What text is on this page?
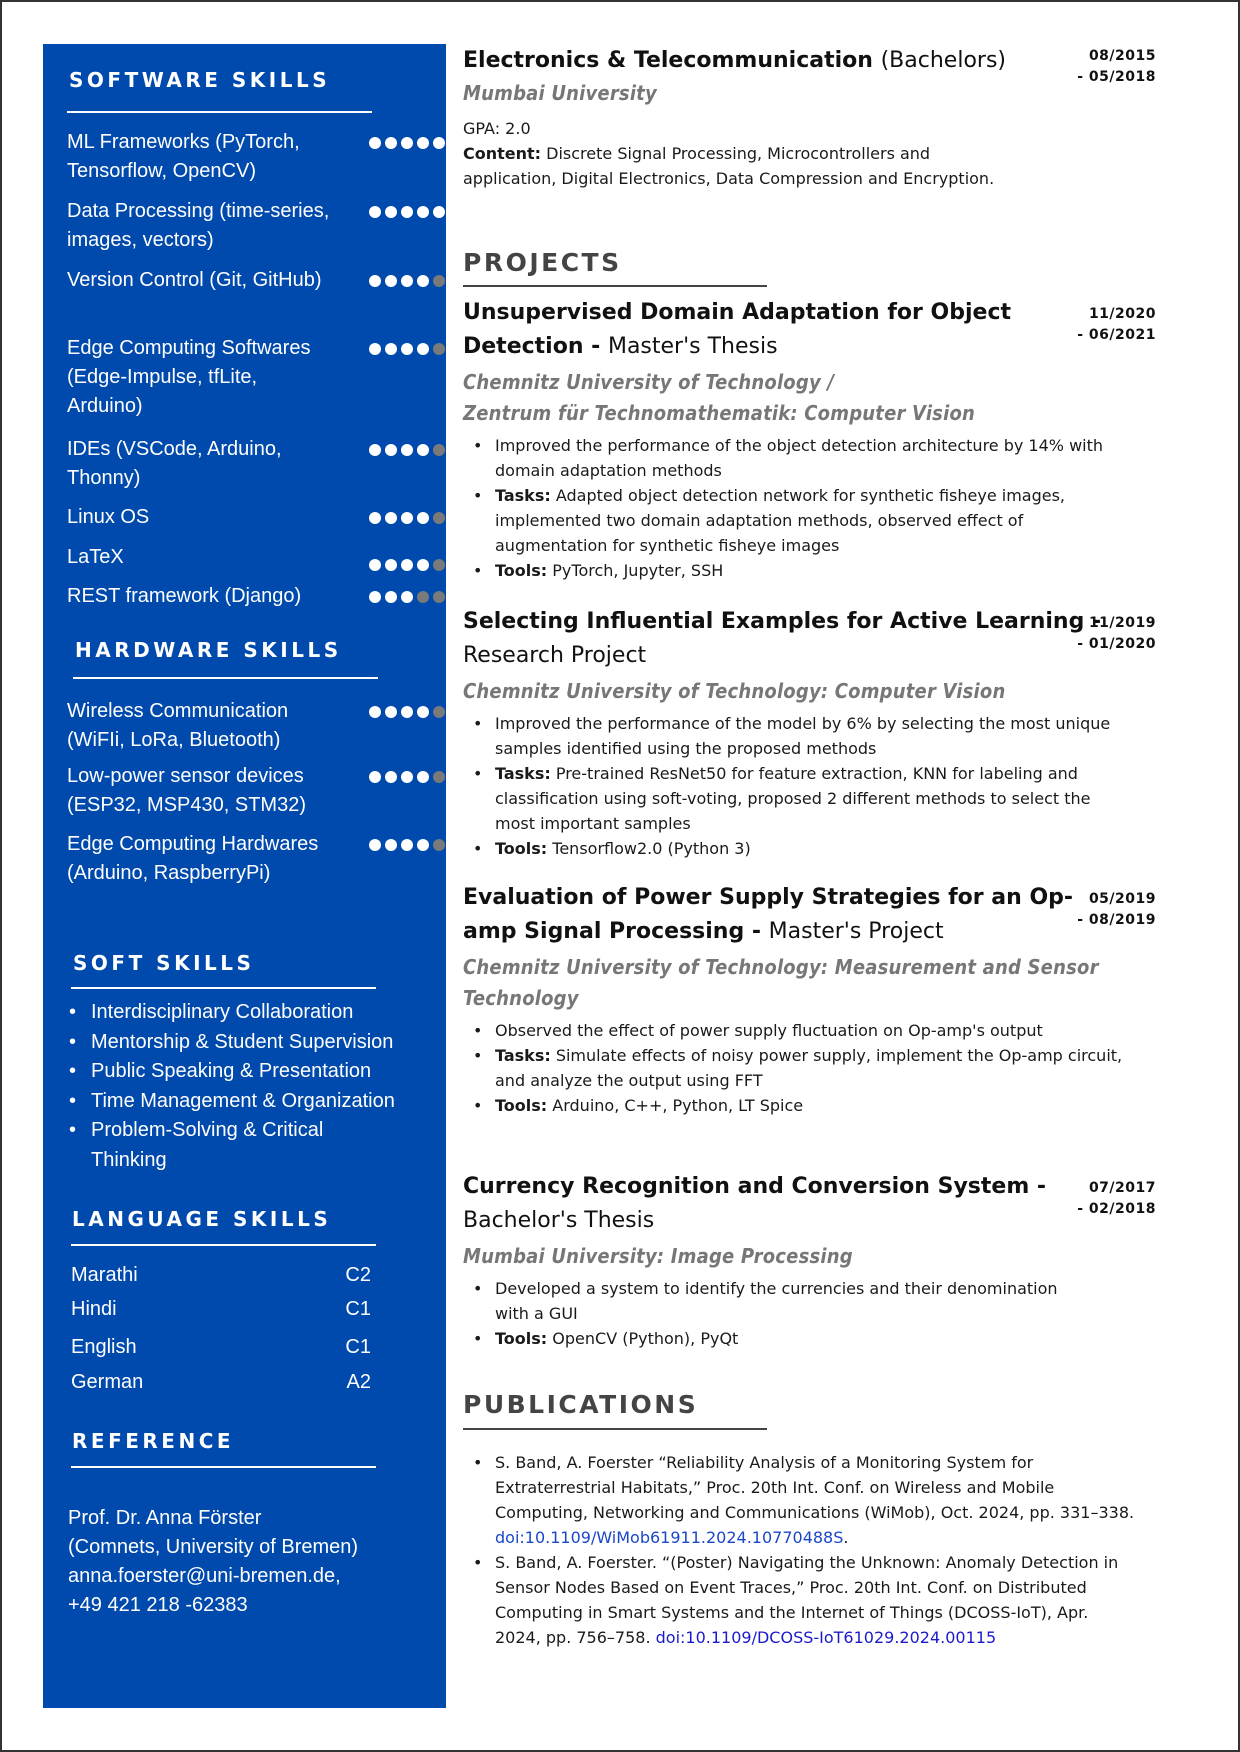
SOFTWARE SKILLS
ML Frameworks (PyTorch, Tensorflow, OpenCV)
Data Processing (time-series, images, vectors)
Version Control (Git, GitHub)
Edge Computing Softwares (Edge-Impulse, tfLite, Arduino)
IDEs (VSCode, Arduino, Thonny)
Linux OS
LaTeX
REST framework (Django)
HARDWARE SKILLS
Wireless Communication (WiFIi, LoRa, Bluetooth)
Low-power sensor devices (ESP32, MSP430, STM32)
Edge Computing Hardwares (Arduino, RaspberryPi)
SOFT SKILLS
• Interdisciplinary Collaboration
• Mentorship & Student Supervision
• Public Speaking & Presentation
• Time Management & Organization
• Problem-Solving & Critical Thinking
LANGUAGE SKILLS
Marathi	C2
Hindi	C1
English	C1
German	A2
REFERENCE
Prof. Dr. Anna Förster
(Comnets, University of Bremen)
anna.foerster@uni-bremen.de,
+49 421 218 -62383
Electronics & Telecommunication (Bachelors)	08/2015
- 05/2018
Mumbai University
GPA: 2.0
Content: Discrete Signal Processing, Microcontrollers and application, Digital Electronics, Data Compression and Encryption.
PROJECTS
Unsupervised Domain Adaptation for Object Detection - Master's Thesis
11/2020
- 06/2021
Chemnitz University of Technology /
Zentrum für Technomathematik: Computer Vision
• Improved the performance of the object detection architecture by 14% with domain adaptation methods
• Tasks: Adapted object detection network for synthetic fisheye images, implemented two domain adaptation methods, observed effect of augmentation for synthetic fisheye images
• Tools: PyTorch, Jupyter, SSH
Selecting Influential Examples for Active Learning - Research Project
11/2019
- 01/2020
Chemnitz University of Technology: Computer Vision
• Improved the performance of the model by 6% by selecting the most unique samples identified using the proposed methods
• Tasks: Pre-trained ResNet50 for feature extraction, KNN for labeling and classification using soft-voting, proposed 2 different methods to select the most important samples
• Tools: Tensorflow2.0 (Python 3)
Evaluation of Power Supply Strategies for an Op-amp Signal Processing - Master's Project
05/2019
- 08/2019
Chemnitz University of Technology: Measurement and Sensor Technology
• Observed the effect of power supply fluctuation on Op-amp's output
• Tasks: Simulate effects of noisy power supply, implement the Op-amp circuit, and analyze the output using FFT
• Tools: Arduino, C++, Python, LT Spice
Currency Recognition and Conversion System - Bachelor's Thesis
07/2017
- 02/2018
Mumbai University: Image Processing
• Developed a system to identify the currencies and their denomination with a GUI
• Tools: OpenCV (Python), PyQt
PUBLICATIONS
• S. Band, A. Foerster “Reliability Analysis of a Monitoring System for Extraterrestrial Habitats,” Proc. 20th Int. Conf. on Wireless and Mobile Computing, Networking and Communications (WiMob), Oct. 2024, pp. 331–338. doi:10.1109/WiMob61911.2024.10770488S.
• S. Band, A. Foerster. “(Poster) Navigating the Unknown: Anomaly Detection in Sensor Nodes Based on Event Traces,” Proc. 20th Int. Conf. on Distributed Computing in Smart Systems and the Internet of Things (DCOSS-IoT), Apr. 2024, pp. 756–758. doi:10.1109/DCOSS-IoT61029.2024.00115
